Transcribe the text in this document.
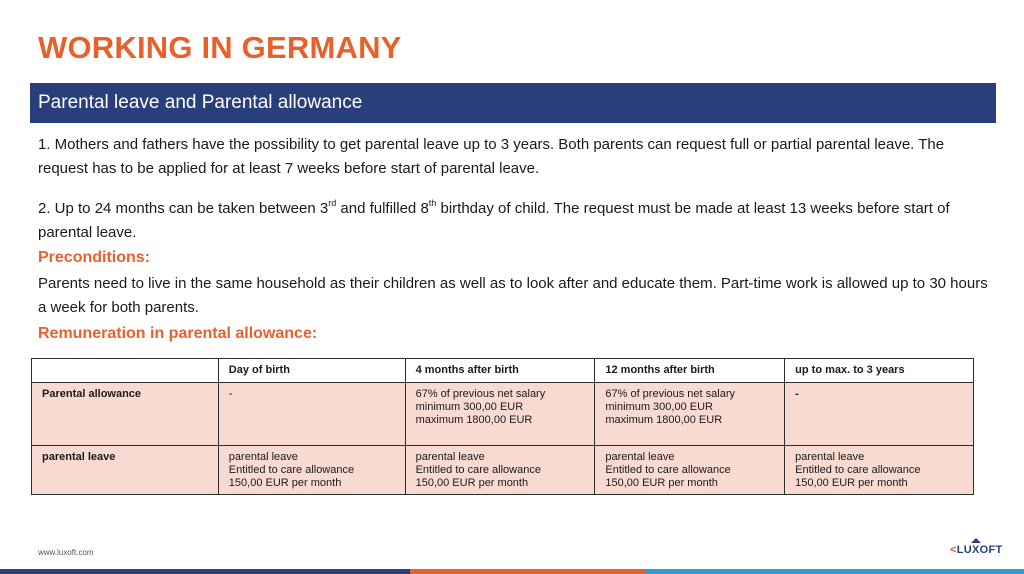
WORKING IN GERMANY
Parental leave and Parental allowance

1. Mothers and fathers have the possibility to get parental leave up to 3 years. Both parents can request full or partial parental leave. The request has to be applied for at least 7 weeks before start of parental leave.

2. Up to 24 months can be taken between 3rd and fulfilled 8th birthday of child. The request must be made at least 13 weeks before start of parental leave.

Preconditions:

Parents need to live in the same household as their children as well as to look after and educate them. Part-time work is allowed up to 30 hours a week for both parents.

Remuneration in parental allowance:

	Day of birth	4 months after birth	12 months after birth	up to max. to 3 years
Parental allowance	-	67% of previous net salary
minimum 300,00 EUR
maximum 1800,00 EUR	67% of previous net salary
minimum 300,00 EUR
maximum 1800,00 EUR	-

parental leave	parental leave
Entitled to care allowance
150,00 EUR per month	parental leave
Entitled to care allowance
150,00 EUR per month	parental leave
Entitled to care allowance
150,00 EUR per month	parental leave
Entitled to care allowance
150,00 EUR per month
www.luxoft.com	<LUXOFT
